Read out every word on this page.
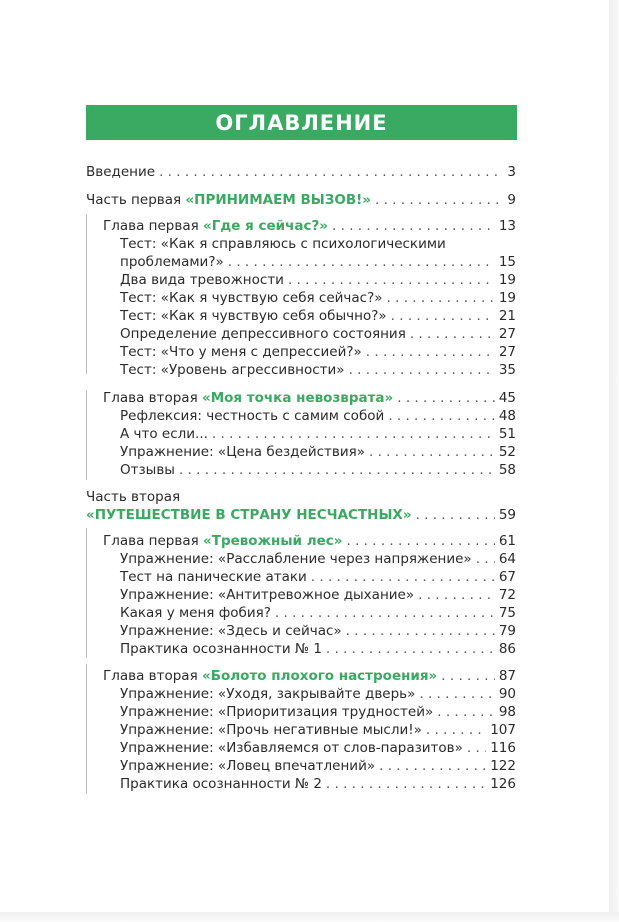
ОГЛАВЛЕНИЕ
Введение . . .	3
Часть первая «ПРИНИМАЕМ ВЫЗОВ!» . . .	9
Глава первая «Где я сейчас?» . . .	13
Тест: «Как я справляюсь с психологическими
проблемами?» . . .	15
Два вида тревожности . . .	19
Тест: «Как я чувствую себя сейчас?» . . .	19
Тест: «Как я чувствую себя обычно?» . . .	21
Определение депрессивного состояния . . .	27
Тест: «Что у меня с депрессией?» . . .	27
Тест: «Уровень агрессивности» . . .	35
Глава вторая «Моя точка невозврата» . . .	45
Рефлексия: честность с самим собой . . .	48
А что если... . . .	51
Упражнение: «Цена бездействия» . . .	52
Отзывы . . .	58
Часть вторая
«ПУТЕШЕСТВИЕ В СТРАНУ НЕСЧАСТНЫХ» . . .	59
Глава первая «Тревожный лес» . . .	61
Упражнение: «Расслабление через напряжение» . . . 64
Тест на панические атаки . . .	67
Упражнение: «Антитревожное дыхание» . . .	72
Какая у меня фобия? . . .	75
Упражнение: «Здесь и сейчас» . . .	79
Практика осознанности № 1 . . .	86
Глава вторая «Болото плохого настроения» . . .	87
Упражнение: «Уходя, закрывайте дверь» . . .	90
Упражнение: «Приоритизация трудностей» . . .	98
Упражнение: «Прочь негативные мысли!» . . .	107
Упражнение: «Избавляемся от слов-паразитов» . . . 116
Упражнение: «Ловец впечатлений» . . .	122
Практика осознанности № 2 . . .	126
